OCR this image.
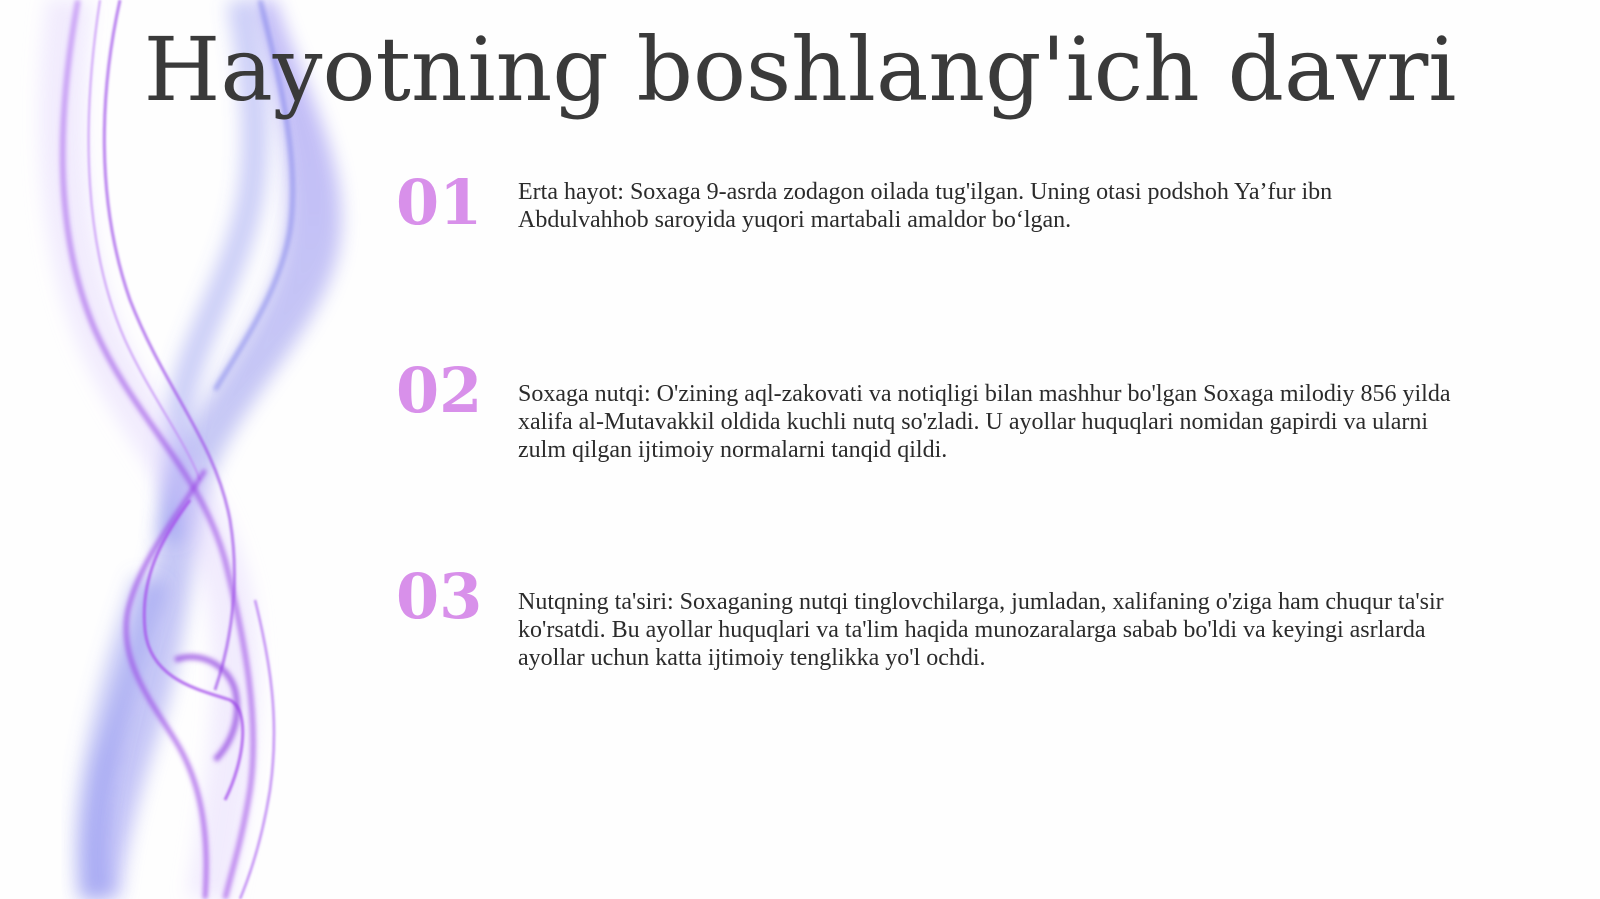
Hayotning boshlang'ich davri
01	Erta hayot: Soxaga 9-asrda zodagon oilada tug'ilgan. Uning otasi podshoh Ya’fur ibn Abdulvahhob saroyida yuqori martabali amaldor bo‘lgan.
02	Soxaga nutqi: O'zining aql-zakovati va notiqligi bilan mashhur bo'lgan Soxaga milodiy 856 yilda xalifa al-Mutavakkil oldida kuchli nutq so'zladi. U ayollar huquqlari nomidan gapirdi va ularni zulm qilgan ijtimoiy normalarni tanqid qildi.
03	Nutqning ta'siri: Soxaganing nutqi tinglovchilarga, jumladan, xalifaning o'ziga ham chuqur ta'sir ko'rsatdi. Bu ayollar huquqlari va ta'lim haqida munozaralarga sabab bo'ldi va keyingi asrlarda ayollar uchun katta ijtimoiy tenglikka yo'l ochdi.
